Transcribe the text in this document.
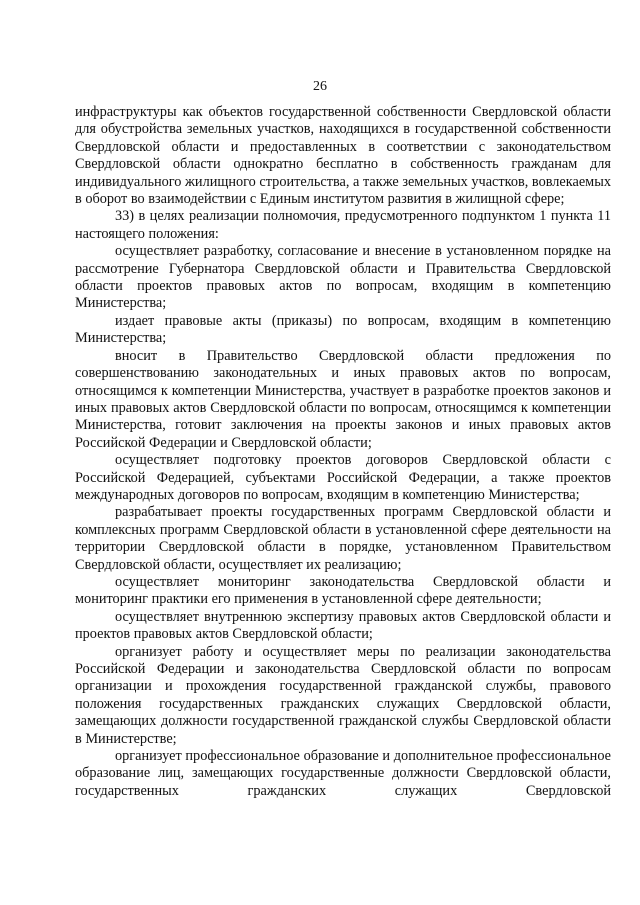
26

инфраструктуры как объектов государственной собственности Свердловской области для обустройства земельных участков, находящихся в государственной собственности Свердловской области и предоставленных в соответствии с законодательством Свердловской области однократно бесплатно в собственность гражданам для индивидуального жилищного строительства, а также земельных участков, вовлекаемых в оборот во взаимодействии с Единым институтом развития в жилищной сфере;

33) в целях реализации полномочия, предусмотренного подпунктом 1 пункта 11 настоящего положения:

осуществляет разработку, согласование и внесение в установленном порядке на рассмотрение Губернатора Свердловской области и Правительства Свердловской области проектов правовых актов по вопросам, входящим в компетенцию Министерства;

издает правовые акты (приказы) по вопросам, входящим в компетенцию Министерства;

вносит в Правительство Свердловской области предложения по совершенствованию законодательных и иных правовых актов по вопросам, относящимся к компетенции Министерства, участвует в разработке проектов законов и иных правовых актов Свердловской области по вопросам, относящимся к компетенции Министерства, готовит заключения на проекты законов и иных правовых актов Российской Федерации и Свердловской области;

осуществляет подготовку проектов договоров Свердловской области с Российской Федерацией, субъектами Российской Федерации, а также проектов международных договоров по вопросам, входящим в компетенцию Министерства;

разрабатывает проекты государственных программ Свердловской области и комплексных программ Свердловской области в установленной сфере деятельности на территории Свердловской области в порядке, установленном Правительством Свердловской области, осуществляет их реализацию;

осуществляет мониторинг законодательства Свердловской области и мониторинг практики его применения в установленной сфере деятельности;

осуществляет внутреннюю экспертизу правовых актов Свердловской области и проектов правовых актов Свердловской области;

организует работу и осуществляет меры по реализации законодательства Российской Федерации и законодательства Свердловской области по вопросам организации и прохождения государственной гражданской службы, правового положения государственных гражданских служащих Свердловской области, замещающих должности государственной гражданской службы Свердловской области в Министерстве;

организует профессиональное образование и дополнительное профессиональное образование лиц, замещающих государственные должности Свердловской области, государственных гражданских служащих Свердловской
